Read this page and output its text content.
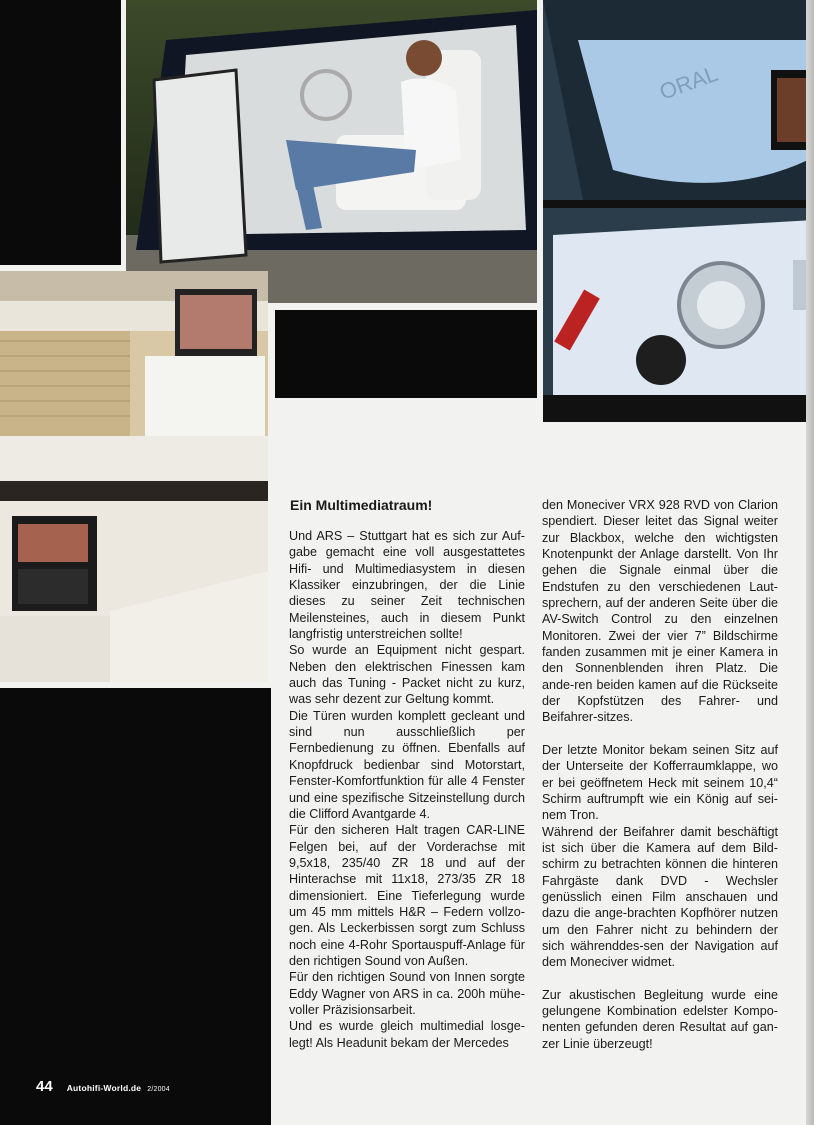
ORAL
Ein Multimediatraum!

Und ARS – Stuttgart hat es sich zur Auf-gabe gemacht eine voll ausgestattetes Hifi- und Multimediasystem in diesen Klassiker einzubringen, der die Linie dieses zu seiner Zeit technischen Meilensteines, auch in diesem Punkt langfristig unterstreichen sollte!

So wurde an Equipment nicht gespart. Neben den elektrischen Finessen kam auch das Tuning - Packet nicht zu kurz, was sehr dezent zur Geltung kommt.

Die Türen wurden komplett gecleant und sind nun ausschließlich per Fernbedienung zu öffnen. Ebenfalls auf Knopfdruck bedienbar sind Motorstart, Fenster-Komfortfunktion für alle 4 Fenster und eine spezifische Sitzeinstellung durch die Clifford Avantgarde 4.

Für den sicheren Halt tragen CAR-LINE Felgen bei, auf der Vorderachse mit 9,5x18, 235/40 ZR 18 und auf der Hinterachse mit 11x18, 273/35 ZR 18 dimensioniert. Eine Tieferlegung wurde um 45 mm mittels H&R – Federn vollzo-gen. Als Leckerbissen sorgt zum Schluss noch eine 4-Rohr Sportauspuff-Anlage für den richtigen Sound von Außen.

Für den richtigen Sound von Innen sorgte Eddy Wagner von ARS in ca. 200h mühe-voller Präzisionsarbeit.

Und es wurde gleich multimedial losge-legt! Als Headunit bekam der Mercedes

den Moneciver VRX 928 RVD von Clarion spendiert. Dieser leitet das Signal weiter zur Blackbox, welche den wichtigsten Knotenpunkt der Anlage darstellt. Von Ihr gehen die Signale einmal über die Endstufen zu den verschiedenen Laut-sprechern, auf der anderen Seite über die AV-Switch Control zu den einzelnen Monitoren. Zwei der vier 7” Bildschirme fanden zusammen mit je einer Kamera in den Sonnenblenden ihren Platz. Die ande-ren beiden kamen auf die Rückseite der Kopfstützen des Fahrer- und Beifahrer-sitzes.

Der letzte Monitor bekam seinen Sitz auf der Unterseite der Kofferraumklappe, wo er bei geöffnetem Heck mit seinem 10,4“ Schirm auftrumpft wie ein König auf sei-nem Tron.

Während der Beifahrer damit beschäftigt ist sich über die Kamera auf dem Bild-schirm zu betrachten können die hinteren Fahrgäste dank DVD - Wechsler genüsslich einen Film anschauen und dazu die ange-brachten Kopfhörer nutzen um den Fahrer nicht zu behindern der sich währenddes-sen der Navigation auf dem Moneciver widmet.

Zur akustischen Begleitung wurde eine gelungene Kombination edelster Kompo-nenten gefunden deren Resultat auf gan-zer Linie überzeugt!

44 Autohifi-World.de 2/2004
